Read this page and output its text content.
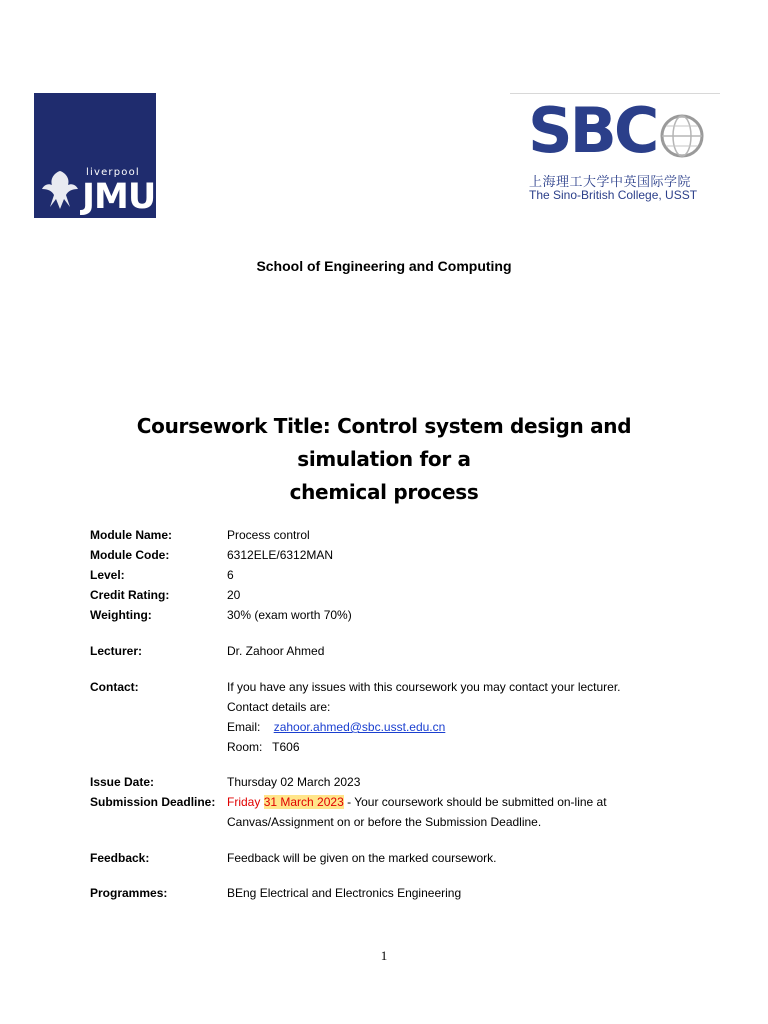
liverpool
JMU
SBC
上海理工大学中英国际学院
The Sino-British College, USST
School of Engineering and Computing
Coursework Title: Control system design and simulation for a
chemical process
Module Name:	Process control
Module Code:	6312ELE/6312MAN
Level:	6
Credit Rating:	20
Weighting:	30% (exam worth 70%)
Lecturer:	Dr. Zahoor Ahmed
Contact:	If you have any issues with this coursework you may contact your lecturer.
Contact details are:
Email: zahoor.ahmed@sbc.usst.edu.cn
Room: T606
Issue Date:	Thursday 02 March 2023
Submission Deadline: Friday 31 March 2023 - Your coursework should be submitted on-line at
Canvas/Assignment on or before the Submission Deadline.
Feedback:	Feedback will be given on the marked coursework.
Programmes:	BEng Electrical and Electronics Engineering
1
